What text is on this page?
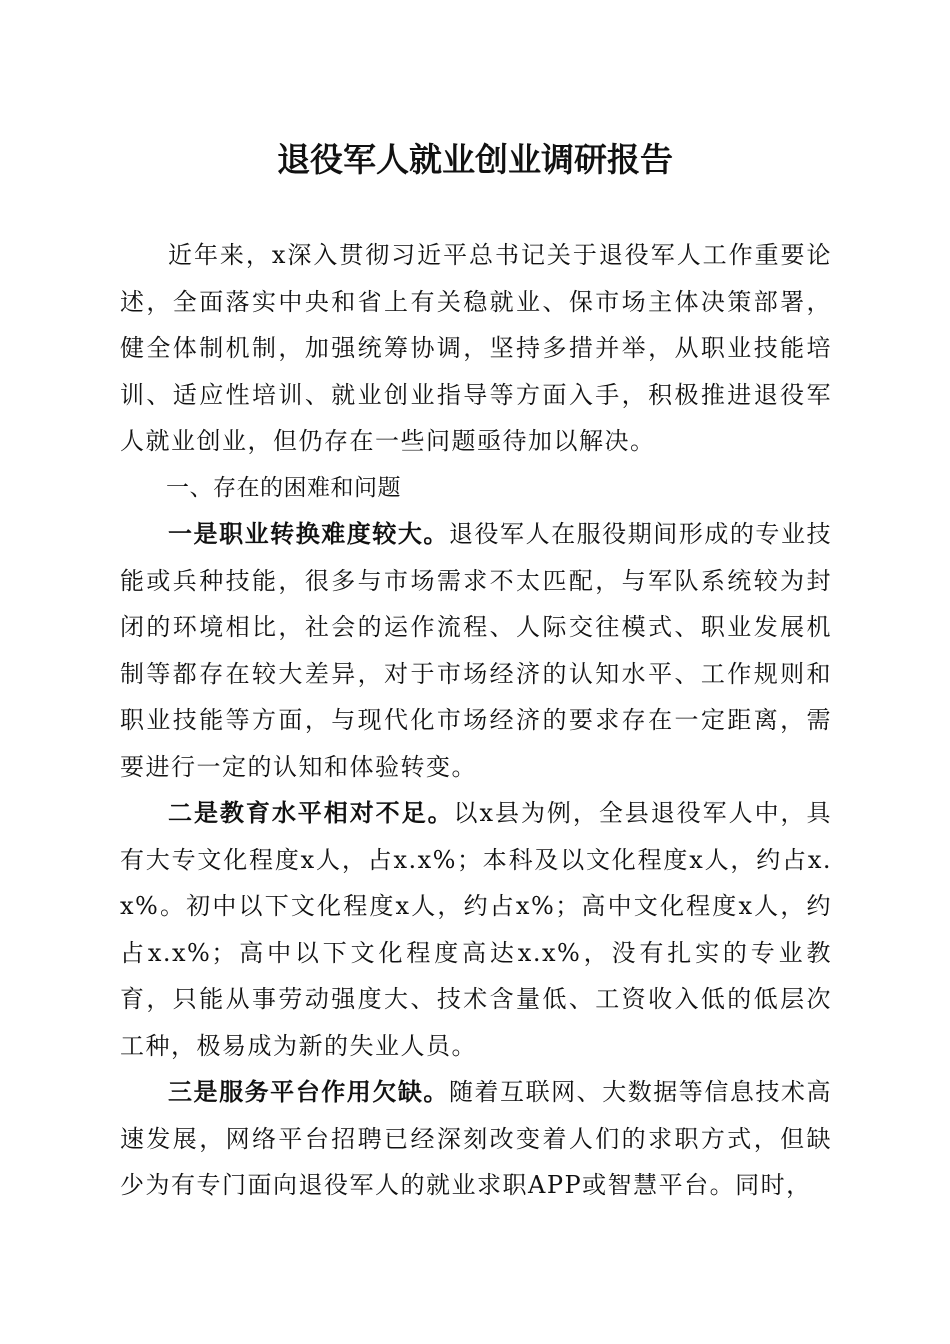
退役军人就业创业调研报告

近年来，x深入贯彻习近平总书记关于退役军人工作重要论述，全面落实中央和省上有关稳就业、保市场主体决策部署，健全体制机制，加强统筹协调，坚持多措并举，从职业技能培训、适应性培训、就业创业指导等方面入手，积极推进退役军人就业创业，但仍存在一些问题亟待加以解决。

一、存在的困难和问题

一是职业转换难度较大。退役军人在服役期间形成的专业技能或兵种技能，很多与市场需求不太匹配，与军队系统较为封闭的环境相比，社会的运作流程、人际交往模式、职业发展机制等都存在较大差异，对于市场经济的认知水平、工作规则和职业技能等方面，与现代化市场经济的要求存在一定距离，需要进行一定的认知和体验转变。

二是教育水平相对不足。以x县为例，全县退役军人中，具有大专文化程度x人，占x.x%；本科及以文化程度x人，约占x.x%。初中以下文化程度x人，约占x%；高中文化程度x人，约占x.x%；高中以下文化程度高达x.x%，没有扎实的专业教育，只能从事劳动强度大、技术含量低、工资收入低的低层次工种，极易成为新的失业人员。

三是服务平台作用欠缺。随着互联网、大数据等信息技术高速发展，网络平台招聘已经深刻改变着人们的求职方式，但缺少为有专门面向退役军人的就业求职APP或智慧平台。同时，
